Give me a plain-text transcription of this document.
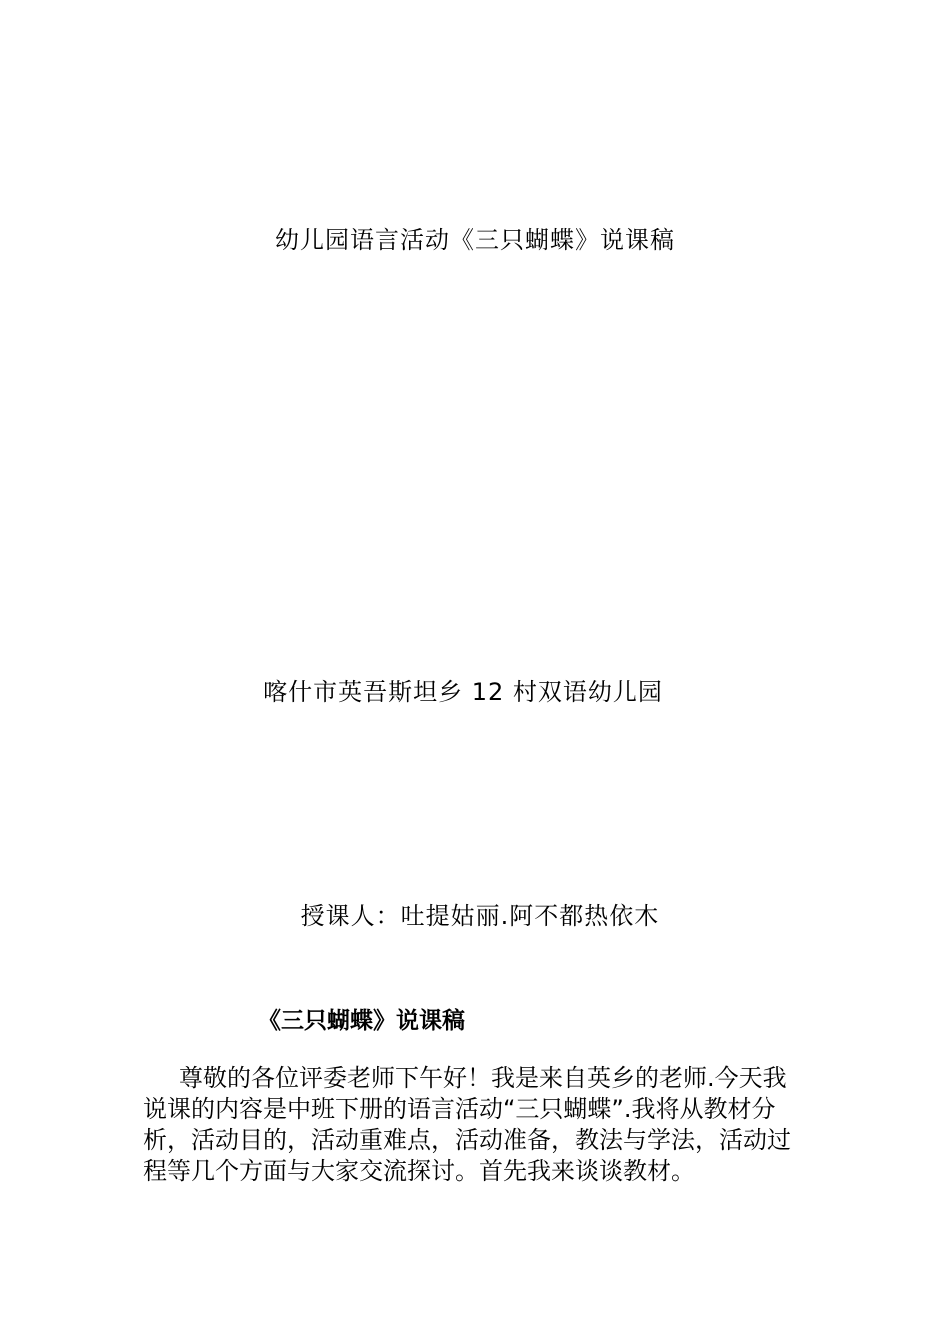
幼儿园语言活动《三只蝴蝶》说课稿
喀什市英吾斯坦乡 12 村双语幼儿园
授课人：吐提姑丽.阿不都热依木
《三只蝴蝶》说课稿
尊敬的各位评委老师下午好！我是来自英乡的老师.今天我
说课的内容是中班下册的语言活动“三只蝴蝶”.我将从教材分
析，活动目的，活动重难点，活动准备，教法与学法，活动过
程等几个方面与大家交流探讨。首先我来谈谈教材。
